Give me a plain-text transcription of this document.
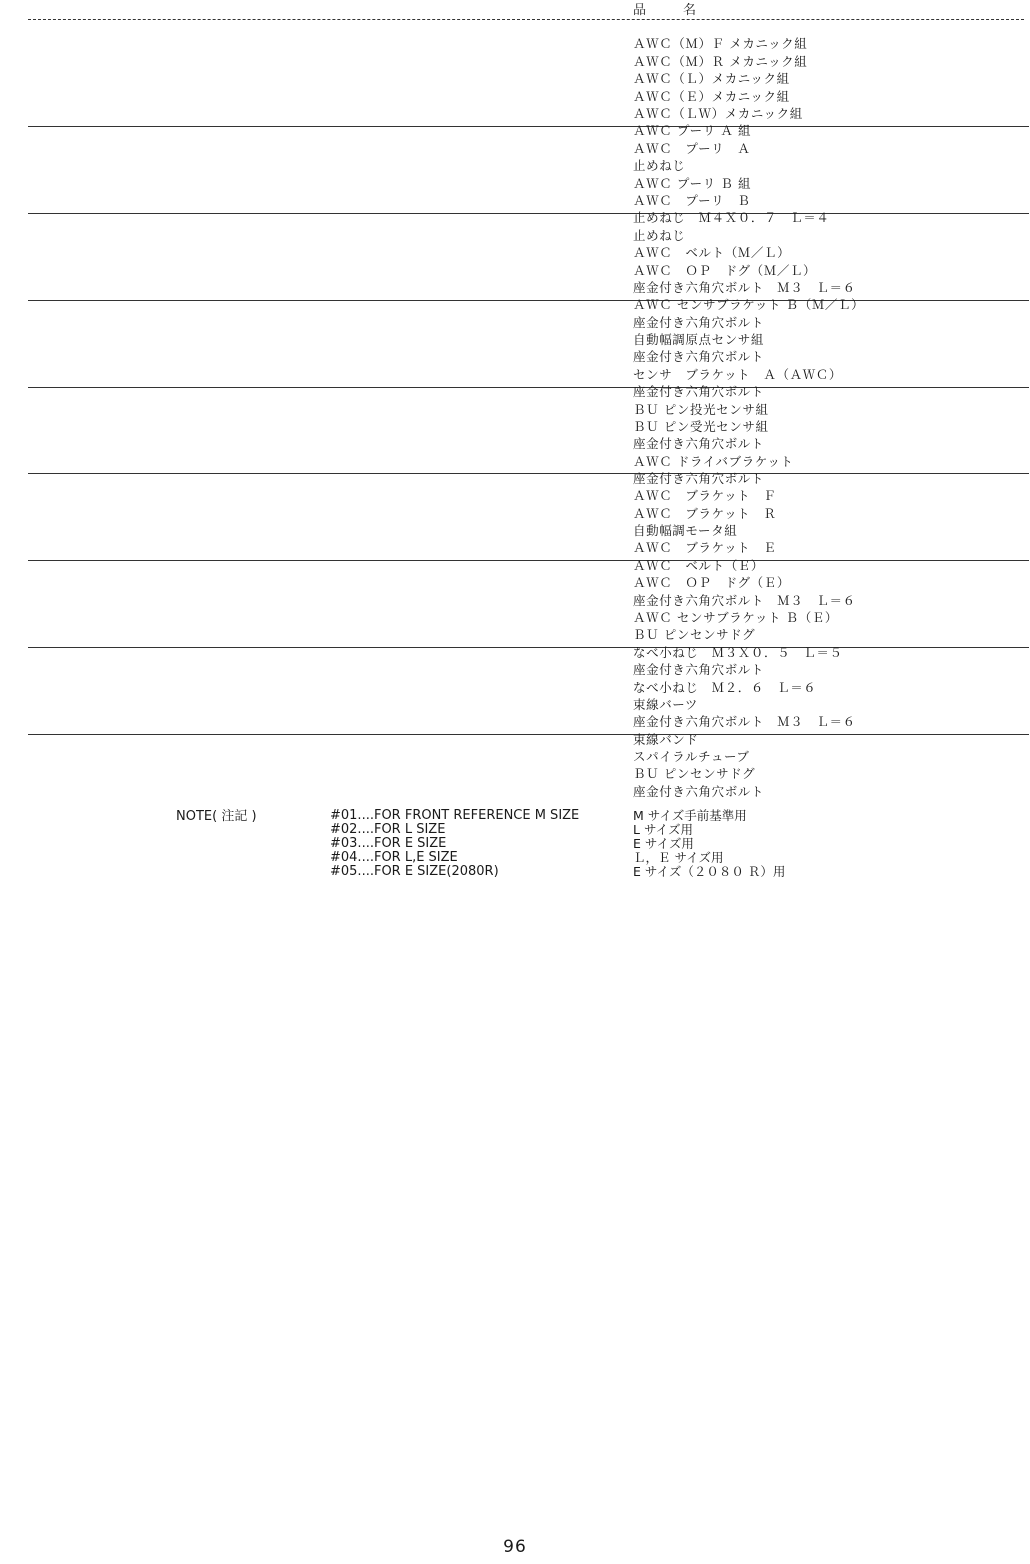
品　名
ＡＷＣ（Ｍ）Ｆ メカニック組
ＡＷＣ（Ｍ）Ｒ メカニック組
ＡＷＣ（Ｌ）メカニック組
ＡＷＣ（Ｅ）メカニック組
ＡＷＣ（ＬＷ）メカニック組
ＡＷＣ プーリ Ａ 組
ＡＷＣ　プーリ　Ａ
止めねじ
ＡＷＣ プーリ Ｂ 組
ＡＷＣ　プーリ　Ｂ
止めねじ　Ｍ４Ｘ０．７　Ｌ＝４
止めねじ
ＡＷＣ　ベルト（Ｍ／Ｌ）
ＡＷＣ　ＯＰ　ドグ（Ｍ／Ｌ）
座金付き六角穴ボルト　Ｍ３　Ｌ＝６
ＡＷＣ センサブラケット Ｂ（Ｍ／Ｌ）
座金付き六角穴ボルト
自動幅調原点センサ組
座金付き六角穴ボルト
センサ　ブラケット　Ａ（ＡＷＣ）
座金付き六角穴ボルト
ＢＵ ピン投光センサ組
ＢＵ ピン受光センサ組
座金付き六角穴ボルト
ＡＷＣ ドライバブラケット
座金付き六角穴ボルト
ＡＷＣ　ブラケット　Ｆ
ＡＷＣ　ブラケット　Ｒ
自動幅調モータ組
ＡＷＣ　ブラケット　Ｅ
ＡＷＣ　ベルト（Ｅ）
ＡＷＣ　ＯＰ　ドグ（Ｅ）
座金付き六角穴ボルト　Ｍ３　Ｌ＝６
ＡＷＣ センサブラケット Ｂ（Ｅ）
ＢＵ ピンセンサドグ
なべ小ねじ　Ｍ３Ｘ０．５　Ｌ＝５
座金付き六角穴ボルト
なべ小ねじ　Ｍ２．６　Ｌ＝６
束線バーツ
座金付き六角穴ボルト　Ｍ３　Ｌ＝６
束線バンド
スパイラルチューブ
ＢＵ ピンセンサドグ
座金付き六角穴ボルト
NOTE( 注記 )	#01....FOR FRONT REFERENCE M SIZE	M サイズ手前基準用
#02....FOR L SIZE	L サイズ用
#03....FOR E SIZE	E サイズ用
#04....FOR L,E SIZE	Ｌ，Ｅ サイズ用
#05....FOR E SIZE(2080R)	E サイズ（２０８０ Ｒ）用
96
